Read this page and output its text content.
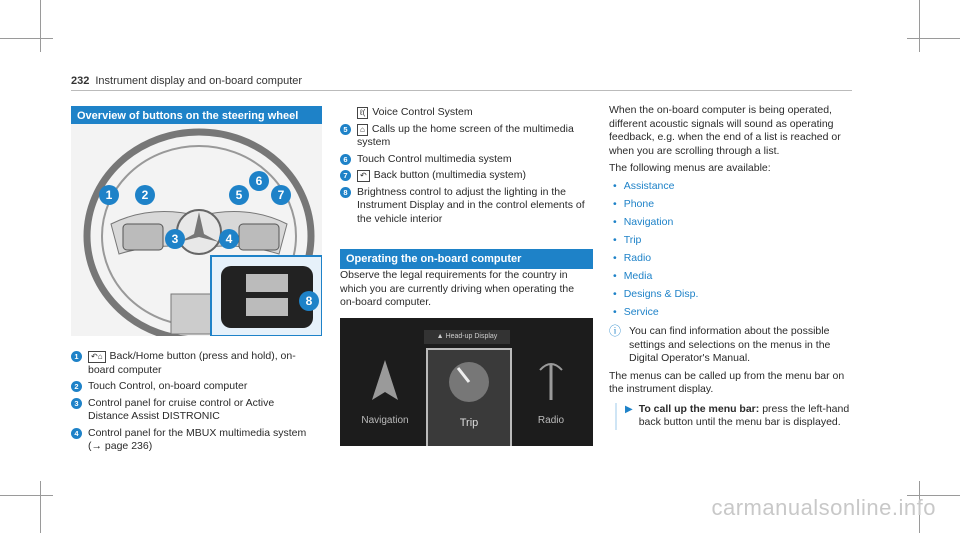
232 Instrument display and on-board computer
Overview of buttons on the steering wheel
1	2
3	4
5
6
7
8
1	↶⌂ Back/Home button (press and hold), on-board computer
2 Touch Control, on-board computer
3 Control panel for cruise control or Active Distance Assist DISTRONIC
4 Control panel for the MBUX multimedia system (→ page 236)
ℓ( Voice Control System
5	⌂ Calls up the home screen of the multimedia system
6 Touch Control multimedia system
7	↶ Back button (multimedia system)
8 Brightness control to adjust the lighting in the Instrument Display and in the control elements of the vehicle interior
Operating the on-board computer
Observe the legal requirements for the country in which you are currently driving when operating the on-board computer.
▲ Head-up Display
Navigation	Trip	Radio

When the on-board computer is being operated, different acoustic signals will sound as operating feedback, e.g. when the end of a list is reached or when you are scrolling through a list.

The following menus are available:

• Assistance
• Phone
• Navigation
• Trip
• Radio
• Media
• Designs & Disp.
• Service
ⓘ You can find information about the possible settings and selections on the menus in the Digital Operator's Manual.

The menus can be called up from the menu bar on the instrument display.

▶ To call up the menu bar: press the left-hand back button until the menu bar is displayed.
carmanualsonline.info
